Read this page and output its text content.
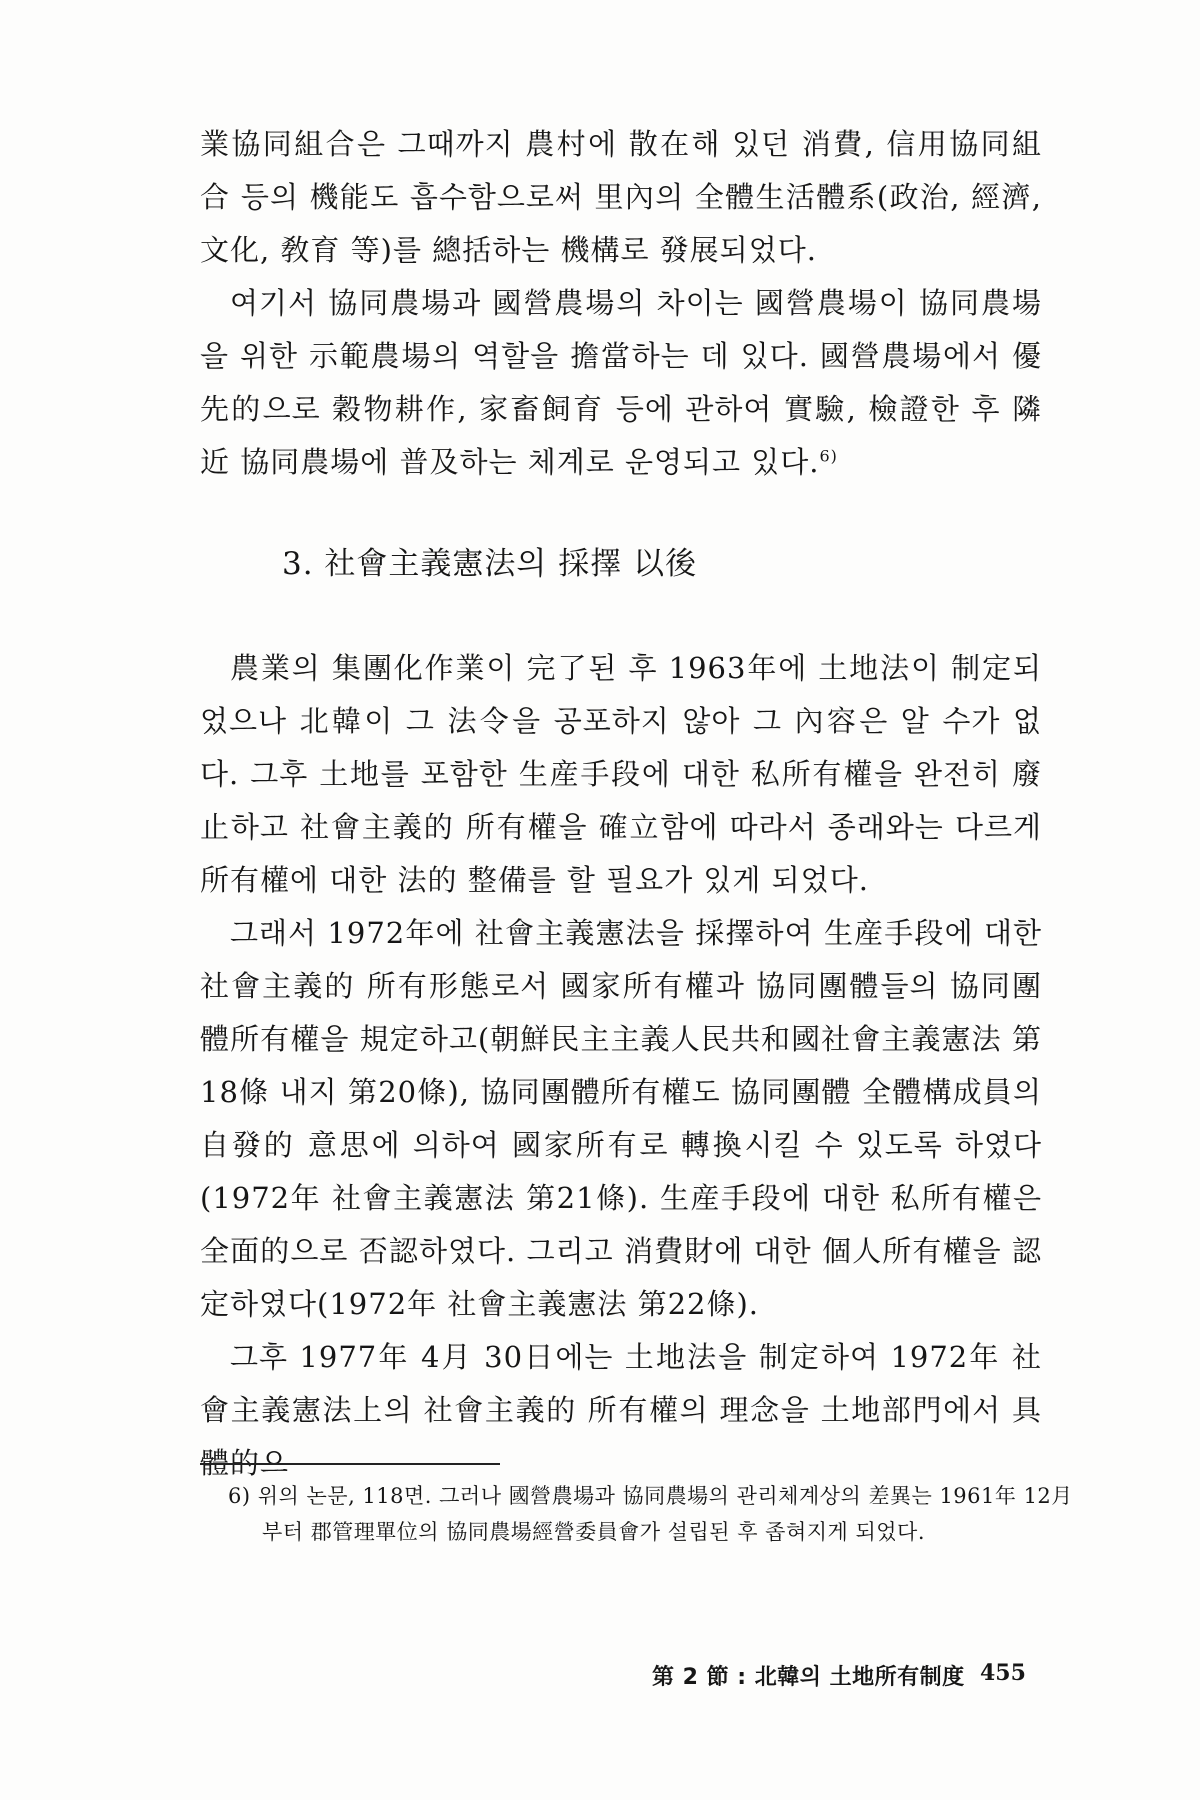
業協同組合은 그때까지 農村에 散在해 있던 消費, 信用協同組合 등의 機能도 흡수함으로써 里內의 全體生活體系(政治, 經濟, 文化, 敎育 等)를 總括하는 機構로 發展되었다.

여기서 協同農場과 國營農場의 차이는 國營農場이 協同農場을 위한 示範農場의 역할을 擔當하는 데 있다. 國營農場에서 優先的으로 穀物耕作, 家畜飼育 등에 관하여 實驗, 檢證한 후 隣近 協同農場에 普及하는 체계로 운영되고 있다.$^{6)}$

3. 社會主義憲法의 採擇 以後

農業의 集團化作業이 完了된 후 1963年에 土地法이 制定되었으나 北韓이 그 法令을 공포하지 않아 그 內容은 알 수가 없다. 그후 土地를 포함한 生産手段에 대한 私所有權을 완전히 廢止하고 社會主義的 所有權을 確立함에 따라서 종래와는 다르게 所有權에 대한 法的 整備를 할 필요가 있게 되었다.

그래서 1972年에 社會主義憲法을 採擇하여 生産手段에 대한 社會主義的 所有形態로서 國家所有權과 協同團體들의 協同團體所有權을 規定하고(朝鮮民主主義人民共和國社會主義憲法 第18條 내지 第20條), 協同團體所有權도 協同團體 全體構成員의 自發的 意思에 의하여 國家所有로 轉換시킬 수 있도록 하였다(1972年 社會主義憲法 第21條). 生産手段에 대한 私所有權은 全面的으로 否認하였다. 그리고 消費財에 대한 個人所有權을 認定하였다(1972年 社會主義憲法 第22條).

그후 1977年 4月 30日에는 土地法을 制定하여 1972年 社會主義憲法上의 社會主義的 所有權의 理念을 土地部門에서 具體的으

6) 위의 논문, 118면. 그러나 國營農場과 協同農場의 관리체계상의 差異는 1961年 12月부터 郡管理單位의 協同農場經營委員會가 설립된 후 좁혀지게 되었다.

第 2 節 : 北韓의 土地所有制度 455
